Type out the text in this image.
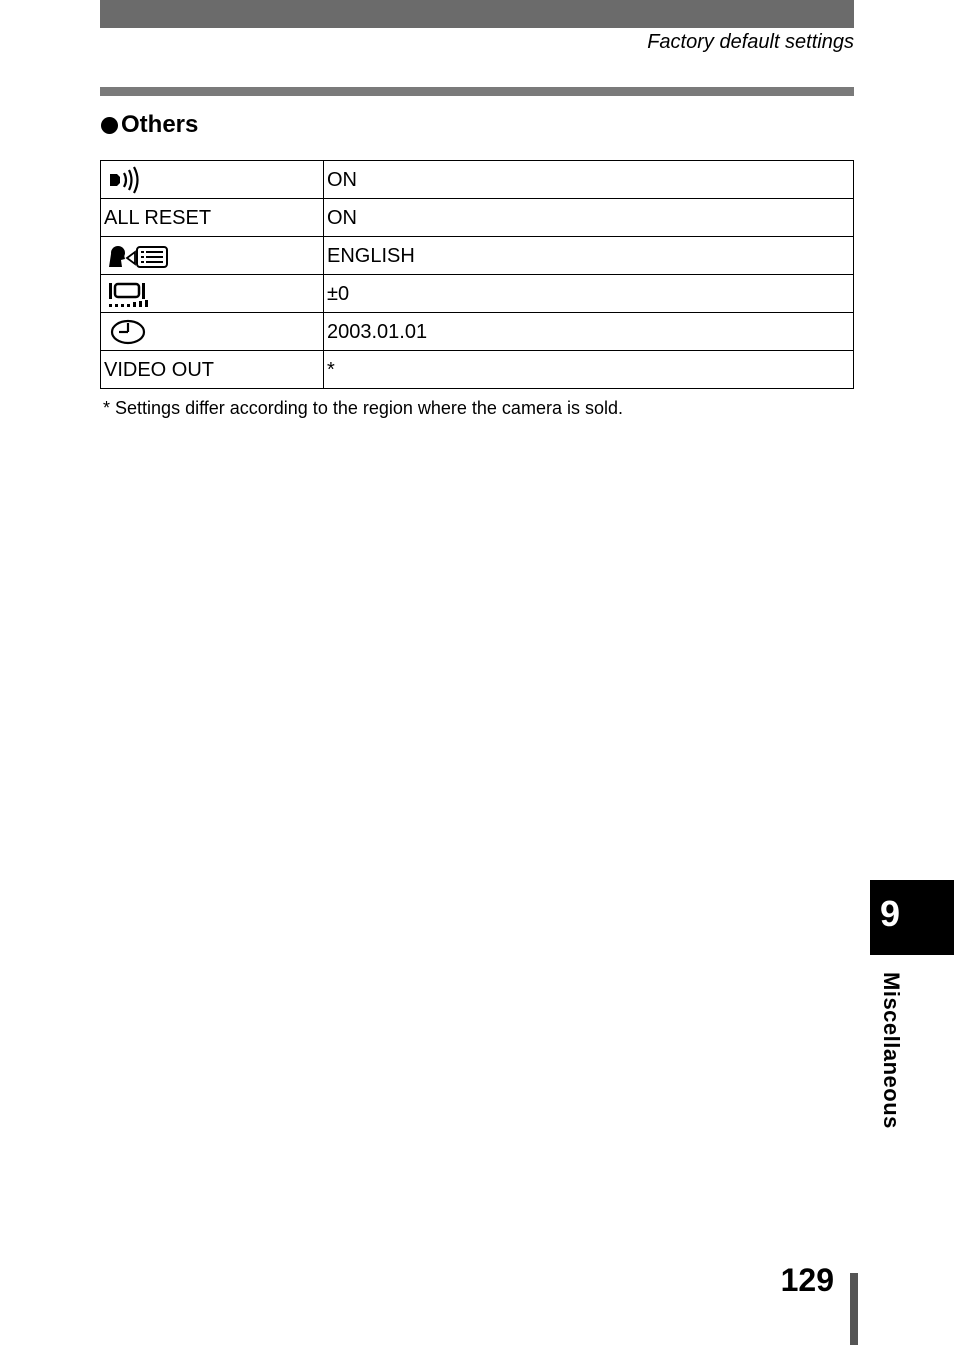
Factory default settings
Others
	ON
ALL RESET	ON

	ENGLISH

	±0

	2003.01.01
VIDEO OUT	*
* Settings differ according to the region where the camera is sold.
9
Miscellaneous
129
